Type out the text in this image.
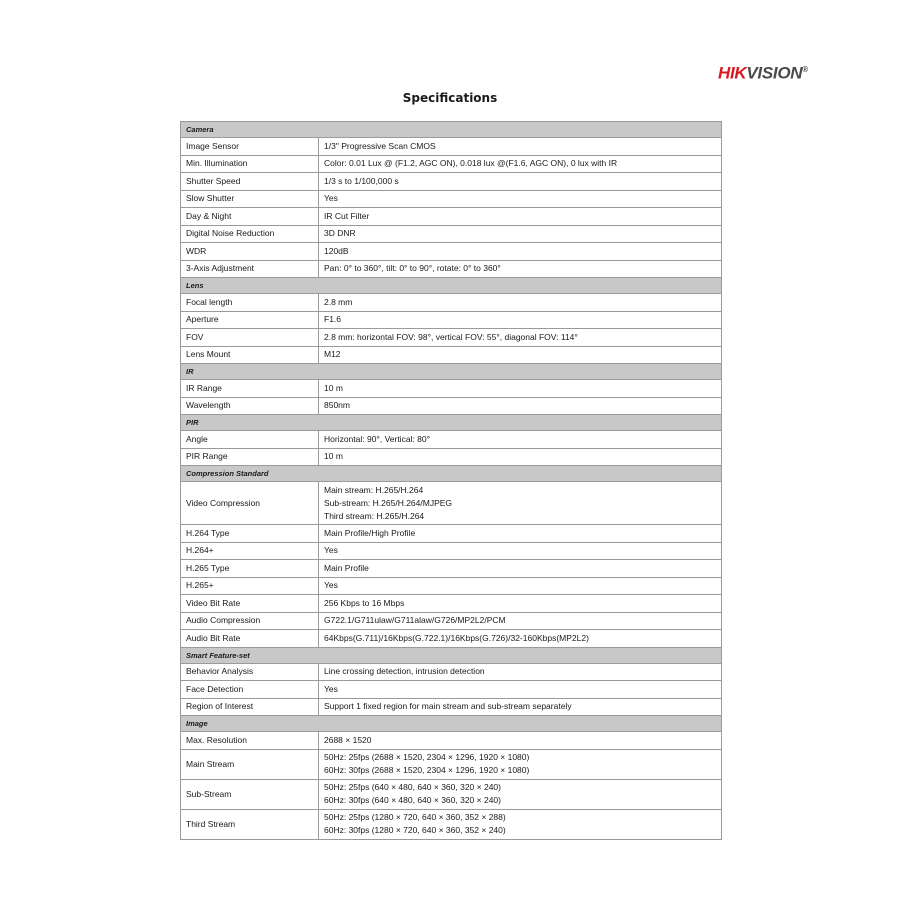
HIKVISION®
Specifications
Camera	
Image Sensor	1/3" Progressive Scan CMOS

Min. Illumination	Color: 0.01 Lux @ (F1.2, AGC ON), 0.018 lux @(F1.6, AGC ON), 0 lux with IR

Shutter Speed	1/3 s to 1/100,000 s

Slow Shutter	Yes

Day & Night	IR Cut Filter

Digital Noise Reduction	3D DNR

WDR	120dB

3-Axis Adjustment	Pan: 0° to 360°, tilt: 0° to 90°, rotate: 0° to 360°

Lens	
Focal length	2.8 mm

Aperture	F1.6

FOV	2.8 mm: horizontal FOV: 98°, vertical FOV: 55°, diagonal FOV: 114°

Lens Mount	M12

IR	
IR Range	10 m

Wavelength	850nm

PIR	
Angle	Horizontal: 90°, Vertical: 80°

PIR Range	10 m

Compression Standard	
Video Compression	Main stream: H.265/H.264
Sub-stream: H.265/H.264/MJPEG
Third stream: H.265/H.264

H.264 Type	Main Profile/High Profile

H.264+	Yes

H.265 Type	Main Profile

H.265+	Yes

Video Bit Rate	256 Kbps to 16 Mbps

Audio Compression	G722.1/G711ulaw/G711alaw/G726/MP2L2/PCM

Audio Bit Rate	64Kbps(G.711)/16Kbps(G.722.1)/16Kbps(G.726)/32-160Kbps(MP2L2)

Smart Feature-set	
Behavior Analysis	Line crossing detection, intrusion detection

Face Detection	Yes

Region of Interest	Support 1 fixed region for main stream and sub-stream separately

Image	
Max. Resolution	2688 × 1520

Main Stream	50Hz: 25fps (2688 × 1520, 2304 × 1296, 1920 × 1080)
60Hz: 30fps (2688 × 1520, 2304 × 1296, 1920 × 1080)

Sub-Stream	50Hz: 25fps (640 × 480, 640 × 360, 320 × 240)
60Hz: 30fps (640 × 480, 640 × 360, 320 × 240)

Third Stream	50Hz: 25fps (1280 × 720, 640 × 360, 352 × 288)
60Hz: 30fps (1280 × 720, 640 × 360, 352 × 240)
